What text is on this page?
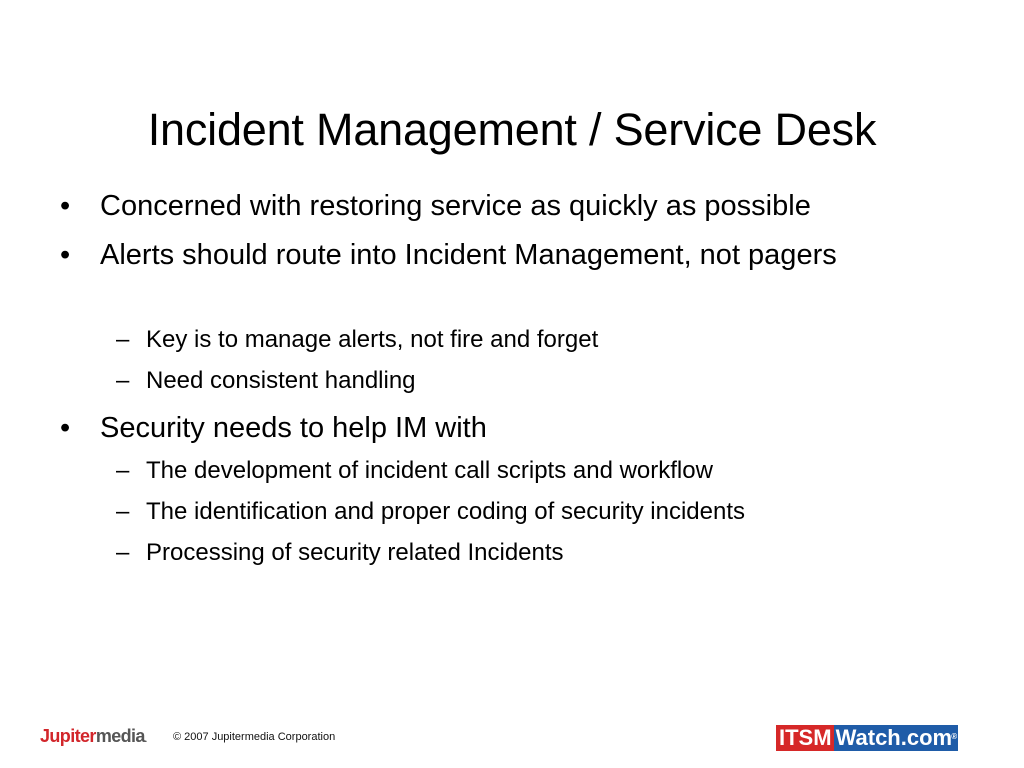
Incident Management / Service Desk
• Concerned with restoring service as quickly as possible
• Alerts should route into Incident Management, not pagers
– Key is to manage alerts, not fire and forget
– Need consistent handling
• Security needs to help IM with
– The development of incident call scripts and workflow
– The identification and proper coding of security incidents
– Processing of security related Incidents
Jupitermedia. © 2007 Jupitermedia Corporation	ITSM Watch.com ®
